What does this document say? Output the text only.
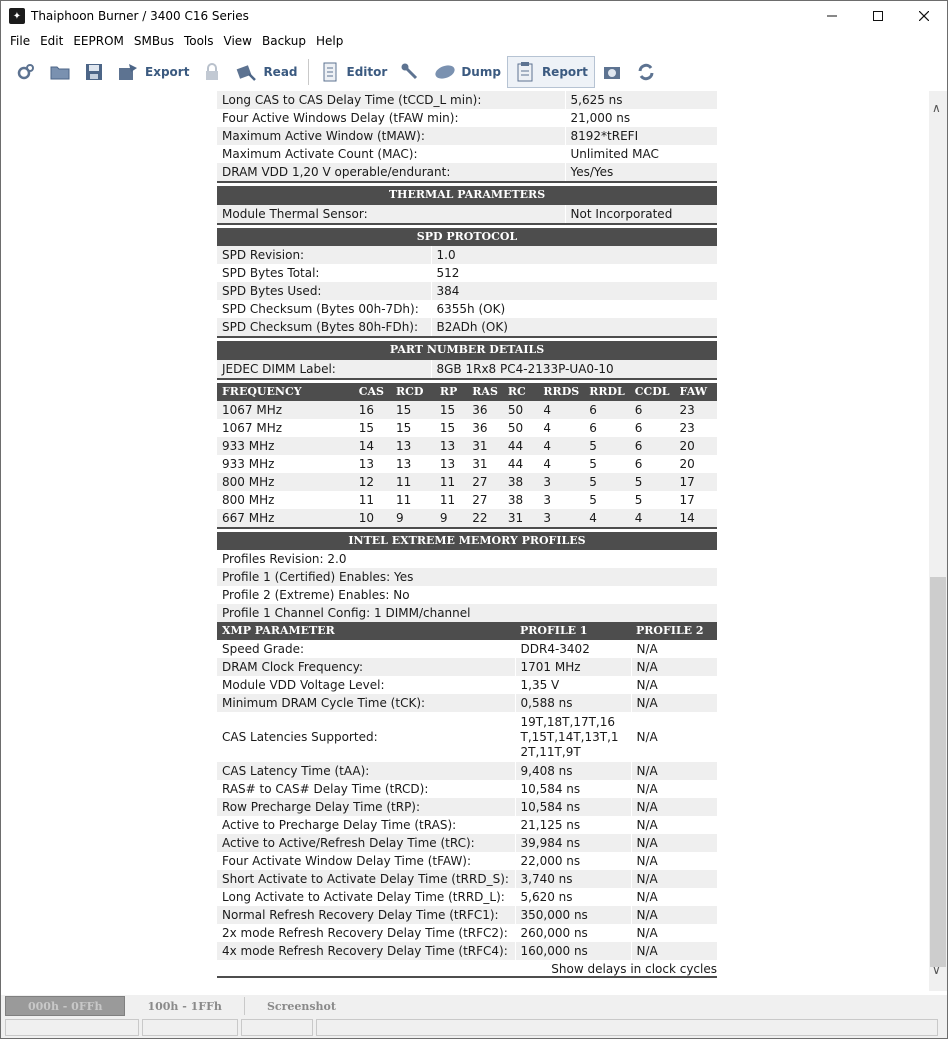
✦ Thaiphoon Burner / 3400 C16 Series
File Edit EEPROM SMBus Tools View Backup Help
Export	Read	Editor	Dump	Report
Long CAS to CAS Delay Time (tCCD_L min):	5,625 ns
Four Active Windows Delay (tFAW min):	21,000 ns
Maximum Active Window (tMAW):	8192*tREFI
Maximum Activate Count (MAC):	Unlimited MAC
DRAM VDD 1,20 V operable/endurant:	Yes/Yes
THERMAL PARAMETERS
Module Thermal Sensor:	Not Incorporated
SPD PROTOCOL
SPD Revision:	1.0
SPD Bytes Total:	512
SPD Bytes Used:	384
SPD Checksum (Bytes 00h-7Dh):	6355h (OK)
SPD Checksum (Bytes 80h-FDh):	B2ADh (OK)
PART NUMBER DETAILS
JEDEC DIMM Label:	8GB 1Rx8 PC4-2133P-UA0-10
FREQUENCY	CAS	RCD	RP	RAS	RC	RRDS	RRDL	CCDL	FAW
1067 MHz	16	15	15	36	50	4	6	6	23
1067 MHz	15	15	15	36	50	4	6	6	23
933 MHz	14	13	13	31	44	4	5	6	20
933 MHz	13	13	13	31	44	4	5	6	20
800 MHz	12	11	11	27	38	3	5	5	17
800 MHz	11	11	11	27	38	3	5	5	17
667 MHz	10	9	9	22	31	3	4	4	14
INTEL EXTREME MEMORY PROFILES
Profiles Revision: 2.0
Profile 1 (Certified) Enables: Yes
Profile 2 (Extreme) Enables: No
Profile 1 Channel Config: 1 DIMM/channel
XMP PARAMETER	PROFILE 1	PROFILE 2
Speed Grade:	DDR4-3402	N/A
DRAM Clock Frequency:	1701 MHz	N/A
Module VDD Voltage Level:	1,35 V	N/A
Minimum DRAM Cycle Time (tCK):	0,588 ns	N/A
CAS Latencies Supported:	19T,18T,17T,16T,15T,14T,13T,12T,11T,9T	N/A
CAS Latency Time (tAA):	9,408 ns	N/A
RAS# to CAS# Delay Time (tRCD):	10,584 ns	N/A
Row Precharge Delay Time (tRP):	10,584 ns	N/A
Active to Precharge Delay Time (tRAS):	21,125 ns	N/A
Active to Active/Refresh Delay Time (tRC):	39,984 ns	N/A
Four Activate Window Delay Time (tFAW):	22,000 ns	N/A
Short Activate to Activate Delay Time (tRRD_S):	3,740 ns	N/A
Long Activate to Activate Delay Time (tRRD_L):	5,620 ns	N/A
Normal Refresh Recovery Delay Time (tRFC1):	350,000 ns	N/A
2x mode Refresh Recovery Delay Time (tRFC2):	260,000 ns	N/A
4x mode Refresh Recovery Delay Time (tRFC4):	160,000 ns	N/A
Show delays in clock cycles
∧
∨
000h - 0FFh	100h - 1FFh	Screenshot
